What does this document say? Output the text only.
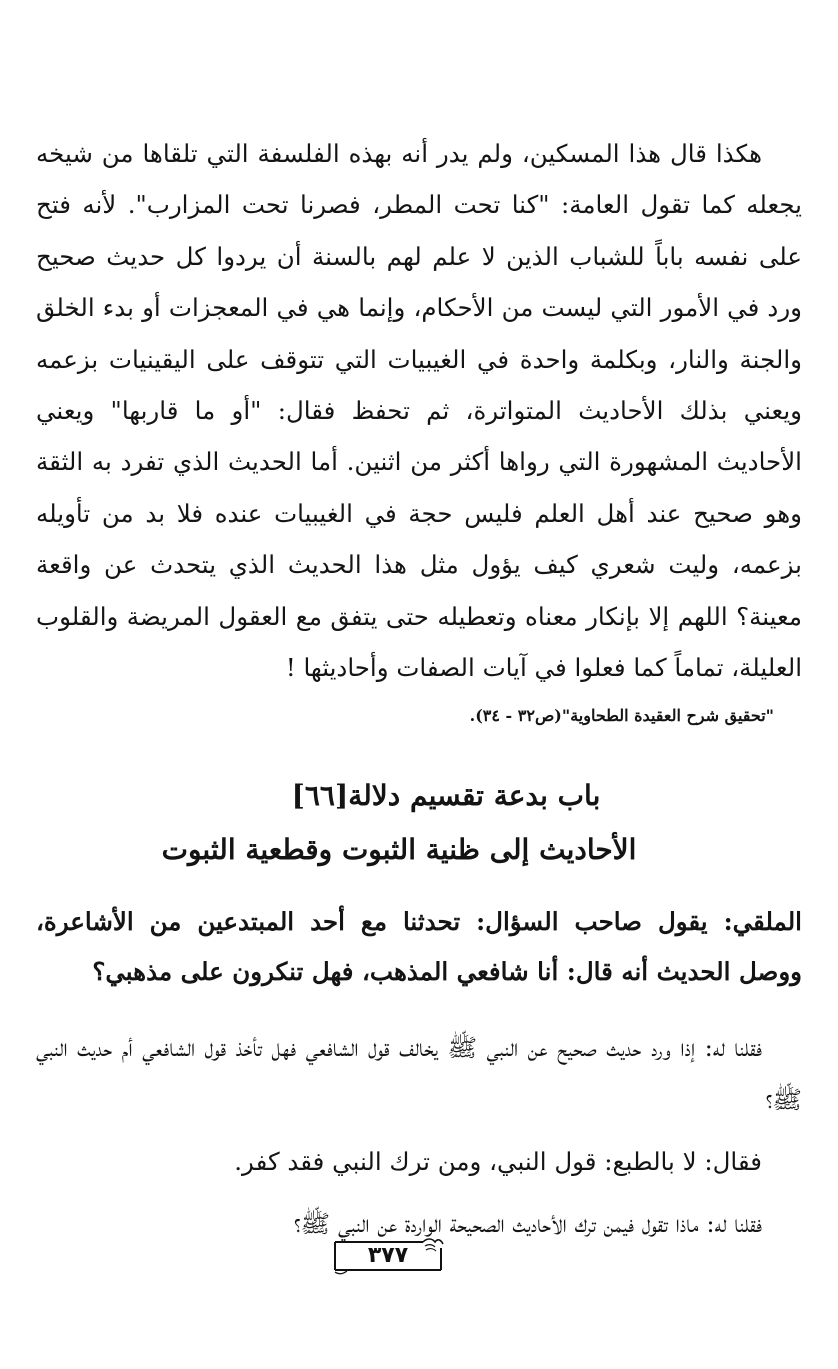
هكذا قال هذا المسكين، ولم يدر أنه بهذه الفلسفة التي تلقاها من شيخه يجعله كما تقول العامة: "كنا تحت المطر، فصرنا تحت المزارب". لأنه فتح على نفسه باباً للشباب الذين لا علم لهم بالسنة أن يردوا كل حديث صحيح ورد في الأمور التي ليست من الأحكام، وإنما هي في المعجزات أو بدء الخلق والجنة والنار، وبكلمة واحدة في الغيبيات التي تتوقف على اليقينيات بزعمه ويعني بذلك الأحاديث المتواترة، ثم تحفظ فقال: "أو ما قاربها" ويعني الأحاديث المشهورة التي رواها أكثر من اثنين. أما الحديث الذي تفرد به الثقة وهو صحيح عند أهل العلم فليس حجة في الغيبيات عنده فلا بد من تأويله بزعمه، وليت شعري كيف يؤول مثل هذا الحديث الذي يتحدث عن واقعة معينة؟ اللهم إلا بإنكار معناه وتعطيله حتى يتفق مع العقول المريضة والقلوب العليلة، تماماً كما فعلوا في آيات الصفات وأحاديثها !

"تحقيق شرح العقيدة الطحاوية"(ص٣٢ - ٣٤).
باب بدعة تقسيم دلالة
[٦٦]
الأحاديث إلى ظنية الثبوت وقطعية الثبوت

الملقي: يقول صاحب السؤال: تحدثنا مع أحد المبتدعين من الأشاعرة، ووصل الحديث أنه قال: أنا شافعي المذهب، فهل تنكرون على مذهبي؟

فقلنا له: إذا ورد حديث صحيح عن النبي ﷺ يخالف قول الشافعي فهل تأخذ قول الشافعي أم حديث النبي ﷺ؟

فقال: لا بالطبع: قول النبي، ومن ترك النبي فقد كفر.

فقلنا له: ماذا تقول فيمن ترك الأحاديث الصحيحة الواردة عن النبي ﷺ؟

٣٧٧
